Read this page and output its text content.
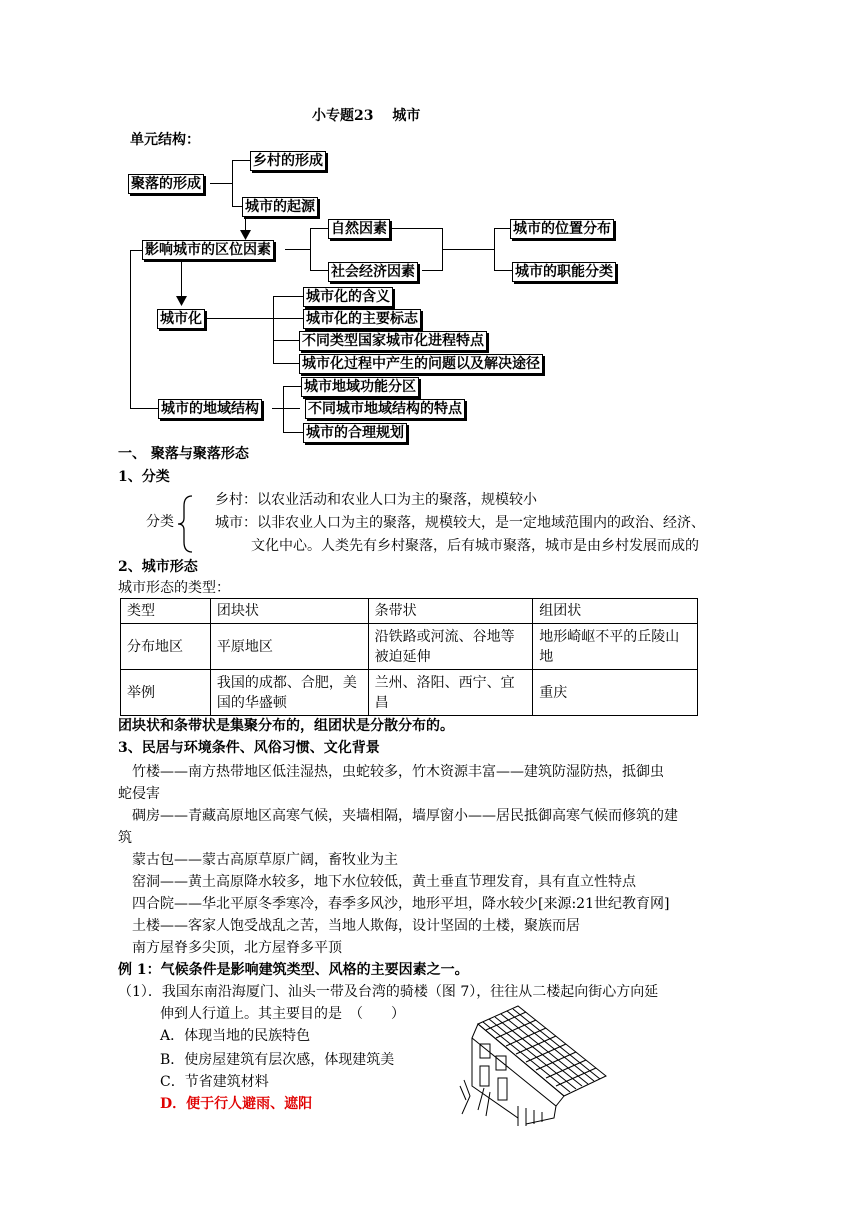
小专题23　 城市
单元结构：
乡村的形成
聚落的形成
城市的起源
影响城市的区位因素
自然因素
社会经济因素
城市的位置分布
城市的职能分类
城市化
城市化的含义
城市化的主要标志
不同类型国家城市化进程特点
城市化过程中产生的问题以及解决途径
城市的地域结构
城市地域功能分区
不同城市地域结构的特点
城市的合理规划
一、 聚落与聚落形态
1、分类
分类
乡村：以农业活动和农业人口为主的聚落，规模较小
城市：以非农业人口为主的聚落，规模较大，是一定地域范围内的政治、经济、
文化中心。人类先有乡村聚落，后有城市聚落，城市是由乡村发展而成的
2、城市形态
城市形态的类型：
类型	团块状	条带状	组团状
分布地区	平原地区	沿铁路或河流、谷地等被迫延伸	地形崎岖不平的丘陵山地
举例	我国的成都、合肥，美国的华盛顿	兰州、洛阳、西宁、宜昌	重庆
团块状和条带状是集聚分布的，组团状是分散分布的。
3、民居与环境条件、风俗习惯、文化背景
竹楼——南方热带地区低洼湿热，虫蛇较多，竹木资源丰富——建筑防湿防热，抵御虫
蛇侵害
碉房——青藏高原地区高寒气候，夹墙相隔，墙厚窗小——居民抵御高寒气候而修筑的建
筑
蒙古包——蒙古高原草原广阔，畜牧业为主
窑洞——黄土高原降水较多，地下水位较低，黄土垂直节理发育，具有直立性特点
四合院——华北平原冬季寒冷，春季多风沙，地形平坦，降水较少[来源:21世纪教育网]
土楼——客家人饱受战乱之苦，当地人欺侮，设计坚固的土楼，聚族而居
南方屋脊多尖顶，北方屋脊多平顶
例 1：气候条件是影响建筑类型、风格的主要因素之一。
（1）．我国东南沿海厦门、汕头一带及台湾的骑楼（图 7），往往从二楼起向街心方向延
伸到人行道上。其主要目的是　（　　）
A．体现当地的民族特色
B．使房屋建筑有层次感，体现建筑美
C．节省建筑材料
D．便于行人避雨、遮阳
